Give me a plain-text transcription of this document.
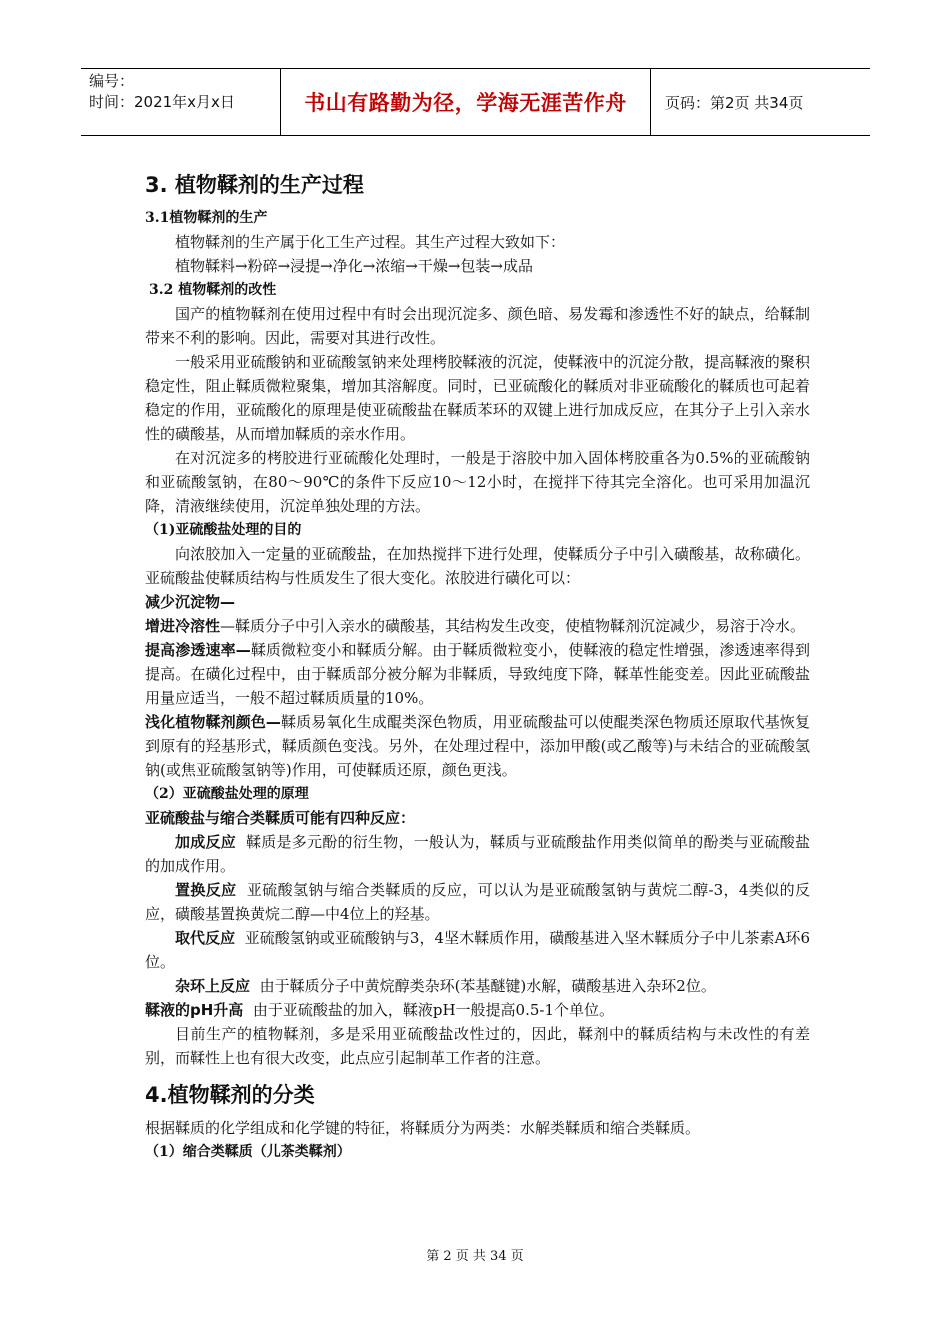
编号：
时间：2021年x月x日	书山有路勤为径，学海无涯苦作舟	页码：第2页 共34页
3. 植物鞣剂的生产过程
3.1植物鞣剂的生产

植物鞣剂的生产属于化工生产过程。其生产过程大致如下：

植物鞣料→粉碎→浸提→净化→浓缩→干燥→包装→成品

3.2 植物鞣剂的改性

国产的植物鞣剂在使用过程中有时会出现沉淀多、颜色暗、易发霉和渗透性不好的缺点，给鞣制带来不利的影响。因此，需要对其进行改性。

一般采用亚硫酸钠和亚硫酸氢钠来处理栲胶鞣液的沉淀，使鞣液中的沉淀分散，提高鞣液的聚积稳定性，阻止鞣质微粒聚集，增加其溶解度。同时，已亚硫酸化的鞣质对非亚硫酸化的鞣质也可起着稳定的作用，亚硫酸化的原理是使亚硫酸盐在鞣质苯环的双键上进行加成反应，在其分子上引入亲水性的磺酸基，从而增加鞣质的亲水作用。

在对沉淀多的栲胶进行亚硫酸化处理时，一般是于溶胶中加入固体栲胶重各为0.5%的亚硫酸钠和亚硫酸氢钠，在80～90℃的条件下反应10～12小时，在搅拌下待其完全溶化。也可采用加温沉降，清液继续使用，沉淀单独处理的方法。

（1)亚硫酸盐处理的目的

向浓胶加入一定量的亚硫酸盐，在加热搅拌下进行处理，使鞣质分子中引入磺酸基，故称磺化。亚硫酸盐使鞣质结构与性质发生了很大变化。浓胶进行磺化可以：

减少沉淀物—

增进冷溶性—鞣质分子中引入亲水的磺酸基，其结构发生改变，使植物鞣剂沉淀减少，易溶于冷水。

提高渗透速率—鞣质微粒变小和鞣质分解。由于鞣质微粒变小，使鞣液的稳定性增强，渗透速率得到提高。在磺化过程中，由于鞣质部分被分解为非鞣质，导致纯度下降，鞣革性能变差。因此亚硫酸盐用量应适当，一般不超过鞣质质量的10%。

浅化植物鞣剂颜色—鞣质易氧化生成醌类深色物质，用亚硫酸盐可以使醌类深色物质还原取代基恢复到原有的羟基形式，鞣质颜色变浅。另外，在处理过程中，添加甲酸(或乙酸等)与未结合的亚硫酸氢钠(或焦亚硫酸氢钠等)作用，可使鞣质还原，颜色更浅。

（2）亚硫酸盐处理的原理

亚硫酸盐与缩合类鞣质可能有四种反应：

加成反应 鞣质是多元酚的衍生物，一般认为，鞣质与亚硫酸盐作用类似简单的酚类与亚硫酸盐的加成作用。

置换反应 亚硫酸氢钠与缩合类鞣质的反应，可以认为是亚硫酸氢钠与黄烷二醇-3，4类似的反应，磺酸基置换黄烷二醇—中4位上的羟基。

取代反应 亚硫酸氢钠或亚硫酸钠与3，4坚木鞣质作用，磺酸基进入坚木鞣质分子中儿茶素A环6位。

杂环上反应 由于鞣质分子中黄烷醇类杂环(苯基醚键)水解，磺酸基进入杂环2位。

鞣液的pH升高 由于亚硫酸盐的加入，鞣液pH一般提高0.5-1个单位。

目前生产的植物鞣剂，多是采用亚硫酸盐改性过的，因此，鞣剂中的鞣质结构与未改性的有差别，而鞣性上也有很大改变，此点应引起制革工作者的注意。

4.植物鞣剂的分类

根据鞣质的化学组成和化学键的特征，将鞣质分为两类：水解类鞣质和缩合类鞣质。

（1）缩合类鞣质（儿茶类鞣剂）
第 2 页 共 34 页
